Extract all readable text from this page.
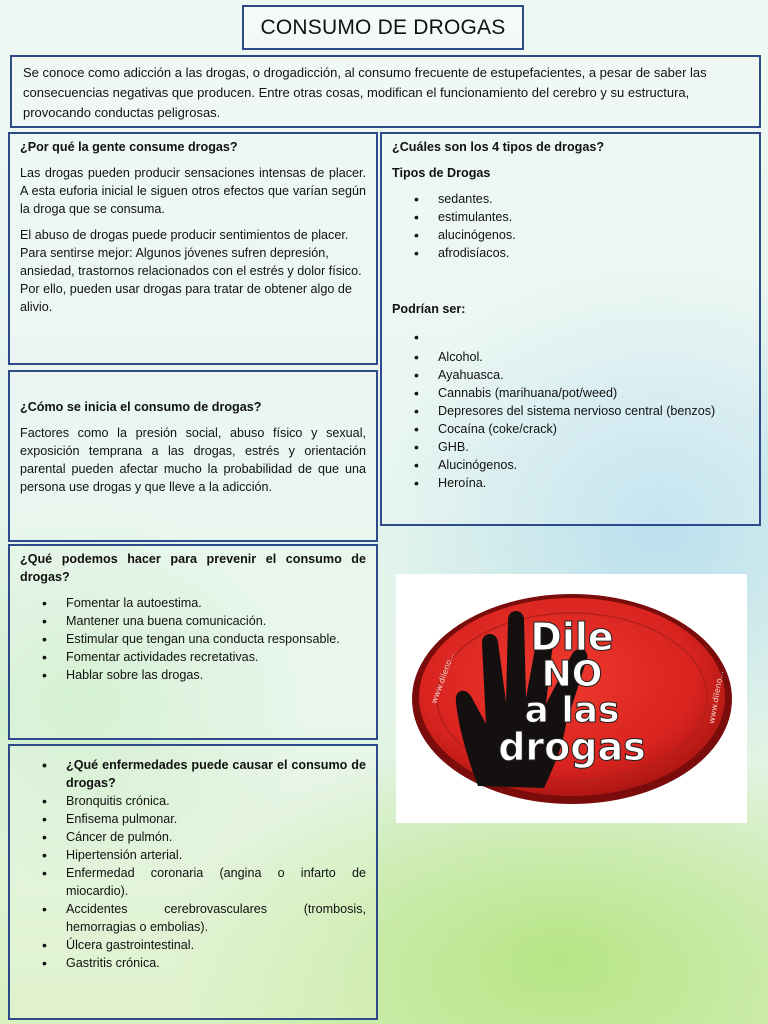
CONSUMO DE DROGAS
Se conoce como adicción a las drogas, o drogadicción, al consumo frecuente de estupefacientes, a pesar de saber las consecuencias negativas que producen. Entre otras cosas, modifican el funcionamiento del cerebro y su estructura, provocando conductas peligrosas.
¿Por qué la gente consume drogas?

Las drogas pueden producir sensaciones intensas de placer. A esta euforia inicial le siguen otros efectos que varían según la droga que se consuma.

El abuso de drogas puede producir sentimientos de placer.
Para sentirse mejor: Algunos jóvenes sufren depresión, ansiedad, trastornos relacionados con el estrés y dolor físico.
Por ello, pueden usar drogas para tratar de obtener algo de alivio.
¿Cómo se inicia el consumo de drogas?

Factores como la presión social, abuso físico y sexual, exposición temprana a las drogas, estrés y orientación parental pueden afectar mucho la probabilidad de que una persona use drogas y que lleve a la adicción.

¿Qué podemos hacer para prevenir el consumo de drogas?
• Fomentar la autoestima.
• Mantener una buena comunicación.
• Estimular que tengan una conducta responsable.
• Fomentar actividades recretativas.
• Hablar sobre las drogas.
• ¿Qué enfermedades puede causar el consumo de drogas?
• Bronquitis crónica.
• Enfisema pulmonar.
• Cáncer de pulmón.
• Hipertensión arterial.
• Enfermedad coronaria (angina o infarto de miocardio).
• Accidentes cerebrovasculares (trombosis, hemorragias o embolias).
• Úlcera gastrointestinal.
• Gastritis crónica.
¿Cuáles son los 4 tipos de drogas?
Tipos de Drogas
• sedantes.
• estimulantes.
• alucinógenos.
• afrodisíacos.
Podrían ser:
•
• Alcohol.
• Ayahuasca.
• Cannabis (marihuana/pot/weed)
• Depresores del sistema nervioso central (benzos)
• Cocaína (coke/crack)
• GHB.
• Alucinógenos.
• Heroína.
Dile
NO
a las
drogas
www.dileno...	www.dileno...
